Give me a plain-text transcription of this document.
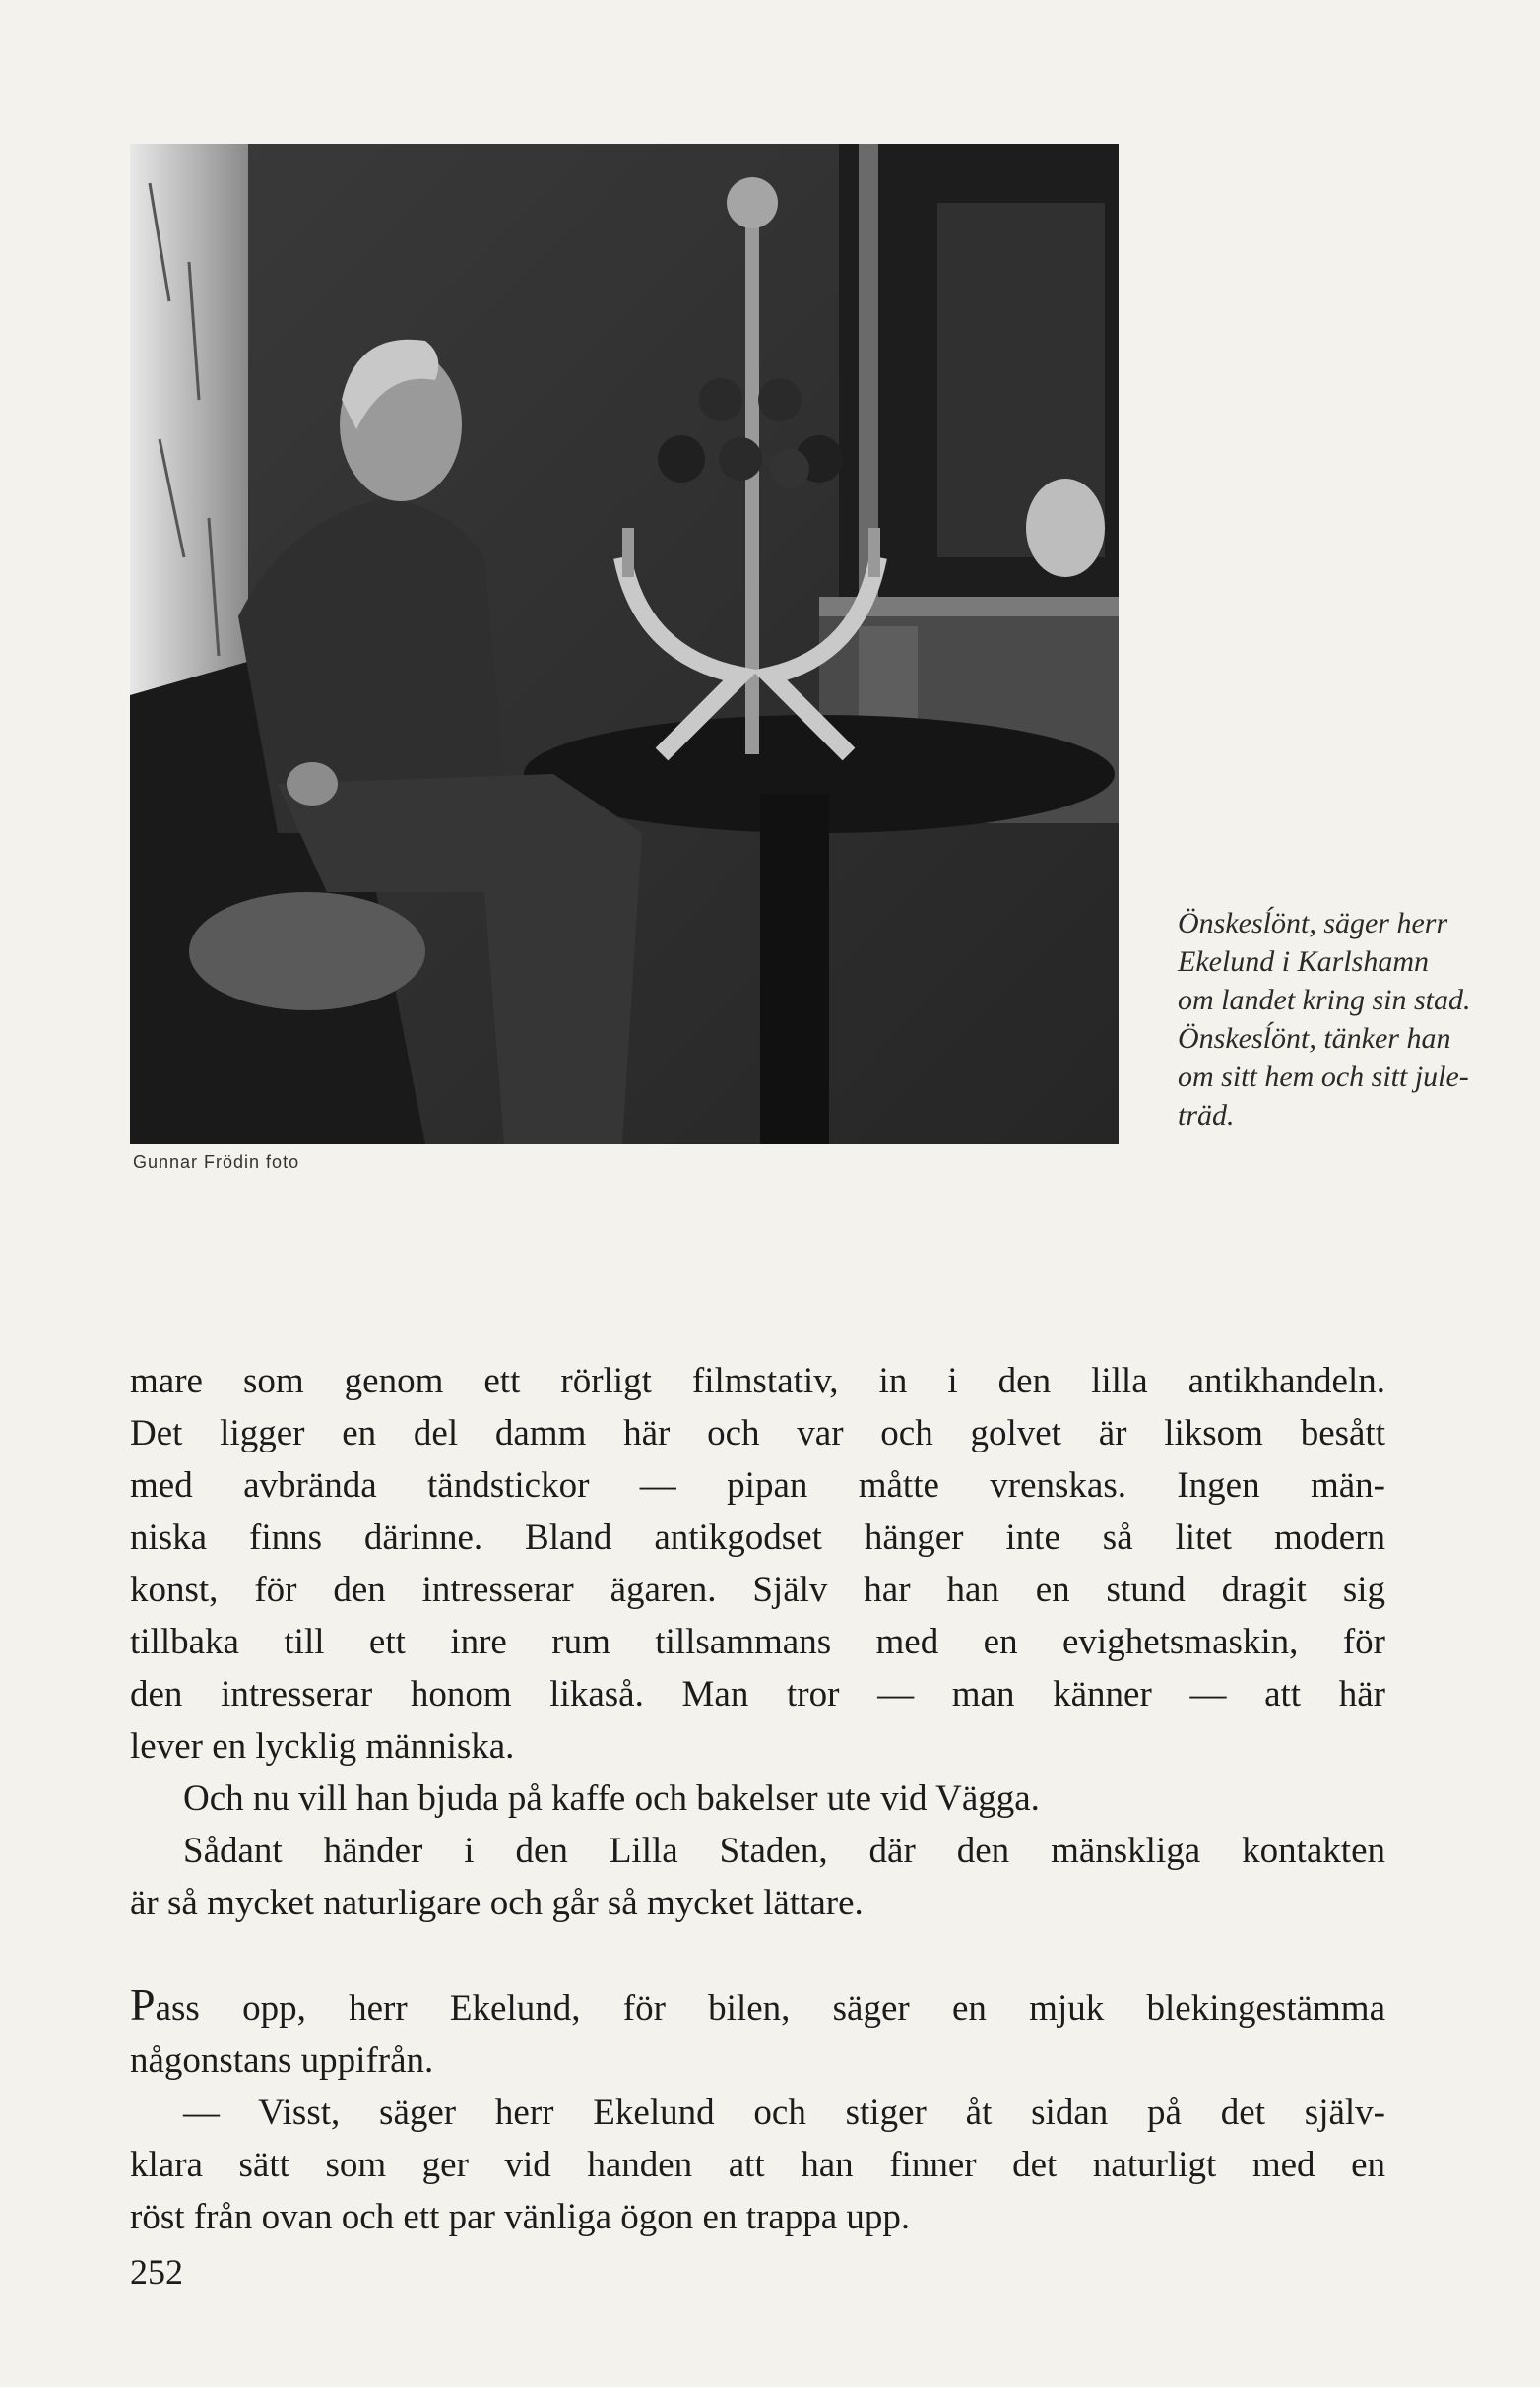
Gunnar Frödin foto
Önskesĺönt, säger herr
Ekelund i Karlshamn
om landet kring sin stad.
Önskesĺönt, tänker han
om sitt hem och sitt jule-
träd.
mare som genom ett rörligt filmstativ, in i den lilla antikhandeln.
Det ligger en del damm här och var och golvet är liksom besått
med avbrända tändstickor — pipan måtte vrenskas. Ingen män-
niska finns därinne. Bland antikgodset hänger inte så litet modern
konst, för den intresserar ägaren. Själv har han en stund dragit sig
tillbaka till ett inre rum tillsammans med en evighetsmaskin, för
den intresserar honom likaså. Man tror — man känner — att här
lever en lycklig människa.
Och nu vill han bjuda på kaffe och bakelser ute vid Vägga.
Sådant händer i den Lilla Staden, där den mänskliga kontakten
är så mycket naturligare och går så mycket lättare.
Pass opp, herr Ekelund, för bilen, säger en mjuk blekingestämma
någonstans uppifrån.
— Visst, säger herr Ekelund och stiger åt sidan på det själv-
klara sätt som ger vid handen att han finner det naturligt med en
röst från ovan och ett par vänliga ögon en trappa upp.
252
